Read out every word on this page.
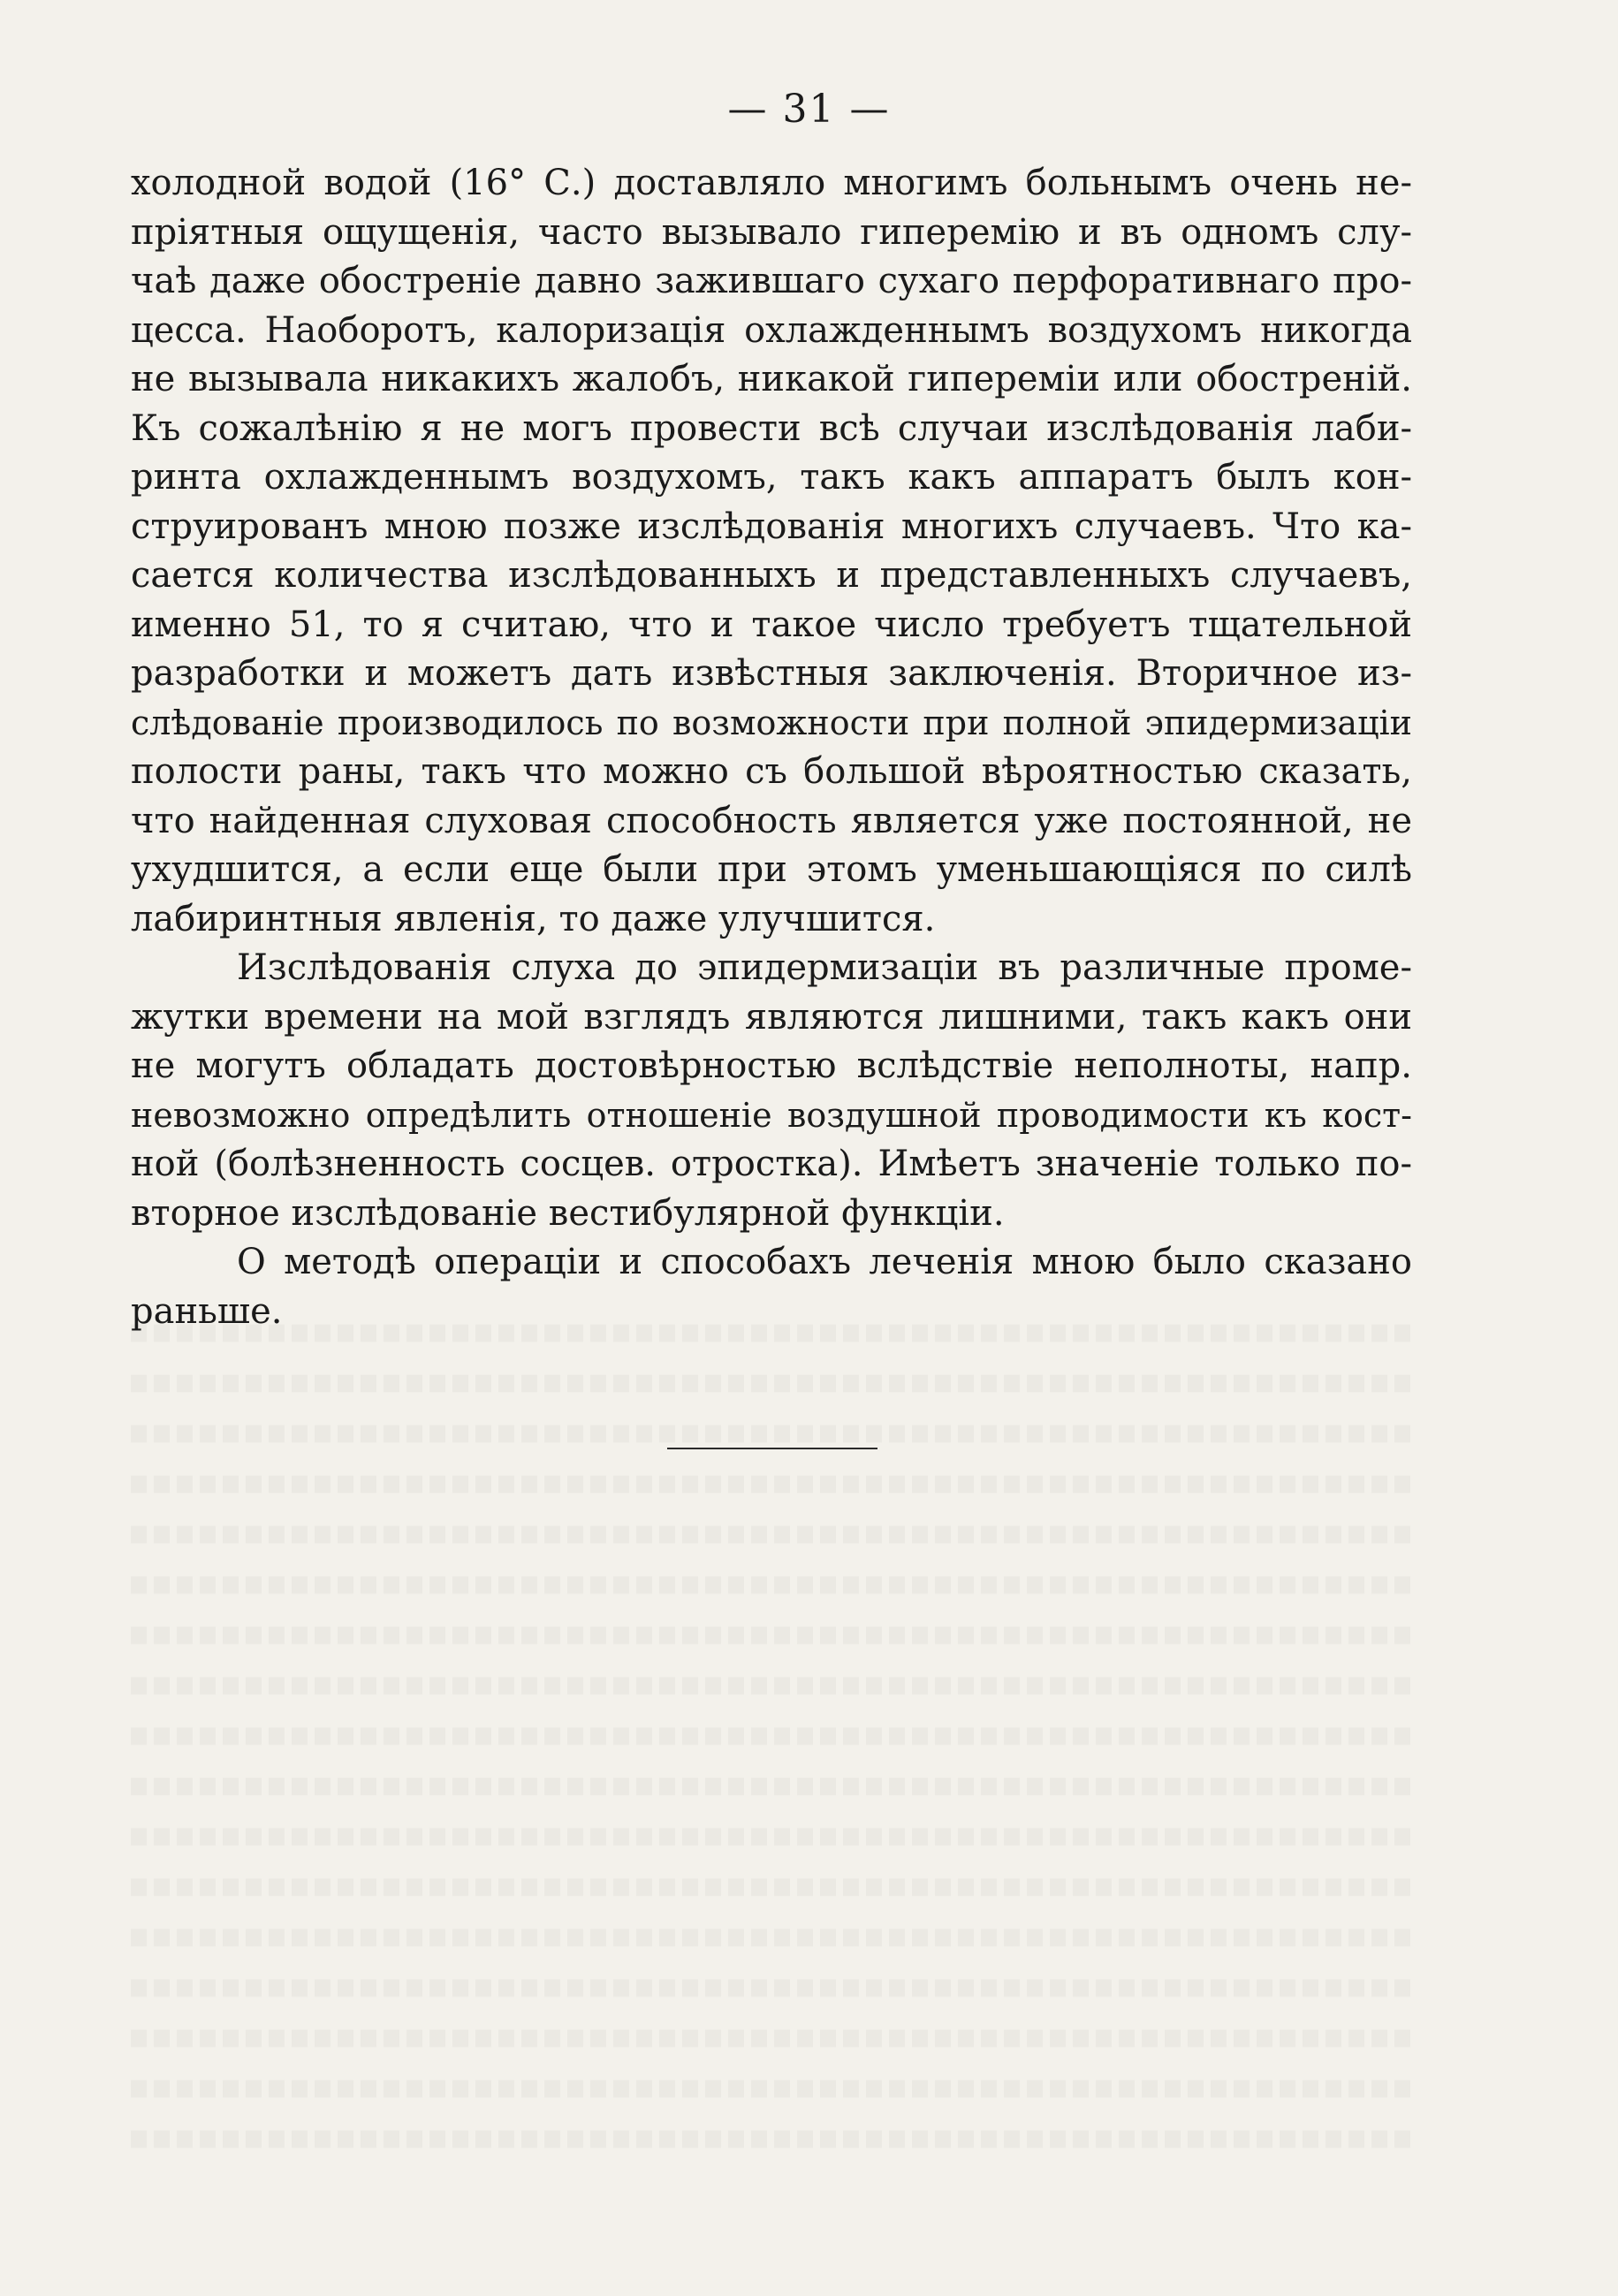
— 31 —
холодной водой (16° С.) доставляло многимъ больнымъ очень не-
пріятныя ощущенія, часто вызывало гиперемію и въ одномъ слу-
чаѣ даже обостреніе давно зажившаго сухаго перфоративнаго про-
цесса. Наоборотъ, калоризація охлажденнымъ воздухомъ никогда
не вызывала никакихъ жалобъ, никакой гипереміи или обостреній.
Къ сожалѣнію я не могъ провести всѣ случаи изслѣдованія лаби-
ринта охлажденнымъ воздухомъ, такъ какъ аппаратъ былъ кон-
струированъ мною позже изслѣдованія многихъ случаевъ. Что ка-
сается количества изслѣдованныхъ и представленныхъ случаевъ,
именно 51, то я считаю, что и такое число требуетъ тщательной
разработки и можетъ дать извѣстныя заключенія. Вторичное из-
слѣдованіе производилось по возможности при полной эпидермизаціи
полости раны, такъ что можно съ большой вѣроятностью сказать,
что найденная слуховая способность является уже постоянной, не
ухудшится, а если еще были при этомъ уменьшающіяся по силѣ
лабиринтныя явленія, то даже улучшится.
Изслѣдованія слуха до эпидермизаціи въ различные проме-
жутки времени на мой взглядъ являются лишними, такъ какъ они
не могутъ обладать достовѣрностью вслѣдствіе неполноты, напр.
невозможно опредѣлить отношеніе воздушной проводимости къ кост-
ной (болѣзненность сосцев. отростка). Имѣетъ значеніе только по-
вторное изслѣдованіе вестибулярной функціи.
О методѣ операціи и способахъ леченія мною было сказано
раньше.
